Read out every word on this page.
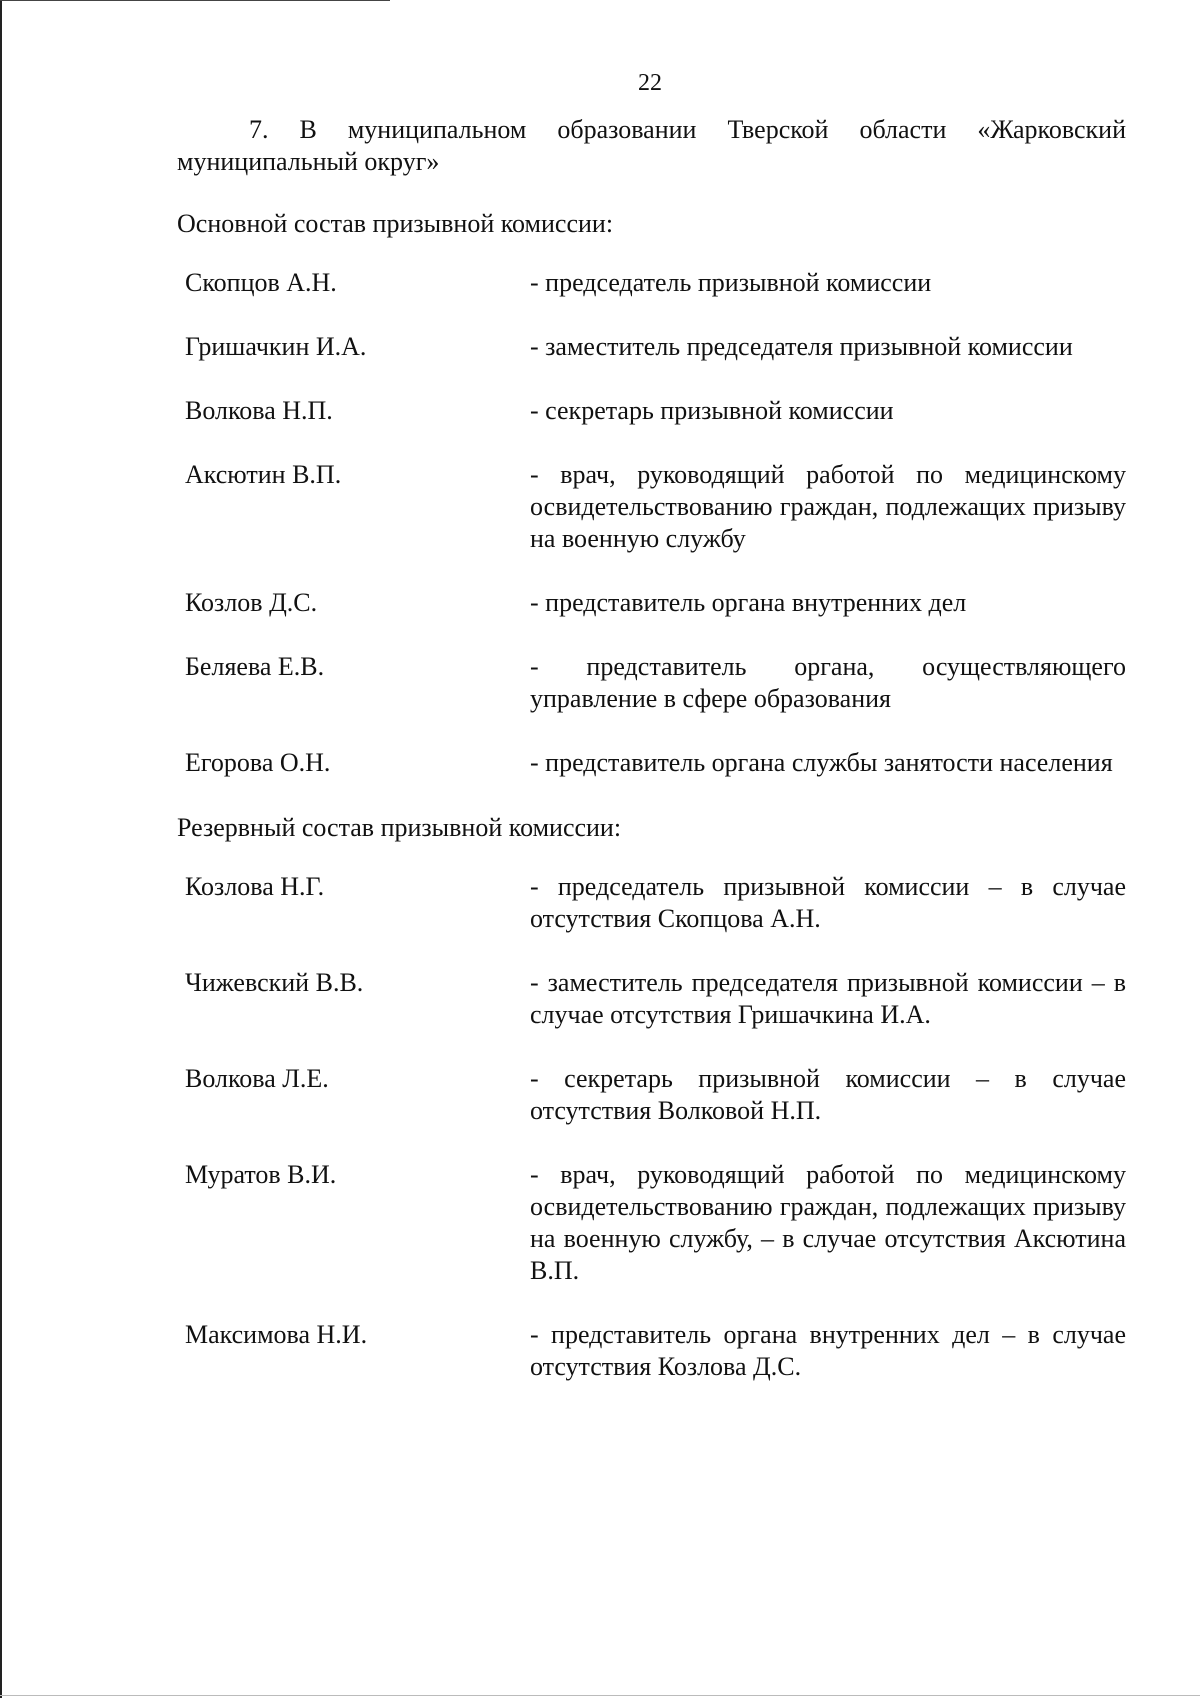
22

7. В муниципальном образовании Тверской области «Жарковский муниципальный округ»

Основной состав призывной комиссии:

Скопцов А.Н.	- председатель призывной комиссии
Гришачкин И.А.	- заместитель председателя призывной комиссии
Волкова Н.П.	- секретарь призывной комиссии
Аксютин В.П.	- врач, руководящий работой по медицинскому освидетельствованию граждан, подлежащих призыву на военную службу
Козлов Д.С.	- представитель органа внутренних дел
Беляева Е.В.	- представитель органа, осуществляющего управление в сфере образования
Егорова О.Н.	- представитель органа службы занятости населения

Резервный состав призывной комиссии:

Козлова Н.Г.	- председатель призывной комиссии – в случае отсутствия Скопцова А.Н.
Чижевский В.В.	- заместитель председателя призывной комиссии – в случае отсутствия Гришачкина И.А.
Волкова Л.Е.	- секретарь призывной комиссии – в случае отсутствия Волковой Н.П.
Муратов В.И.	- врач, руководящий работой по медицинскому освидетельствованию граждан, подлежащих призыву на военную службу, – в случае отсутствия Аксютина В.П.
Максимова Н.И.	- представитель органа внутренних дел – в случае отсутствия Козлова Д.С.
